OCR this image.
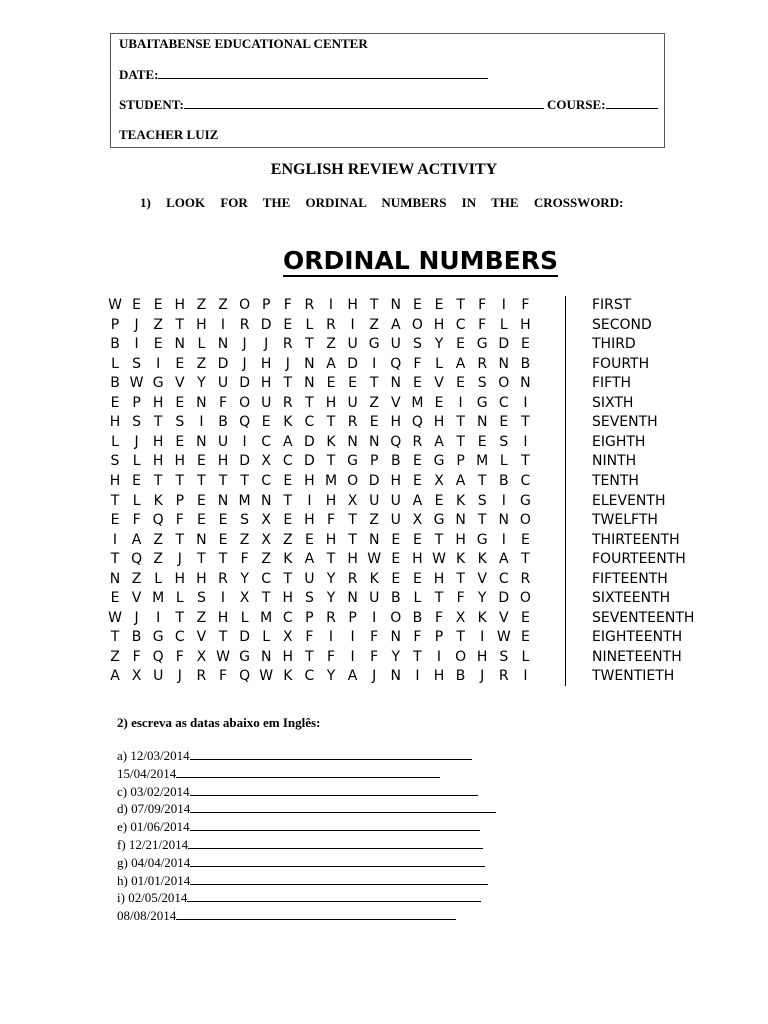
UBAITABENSE EDUCATIONAL CENTER
DATE:
STUDENT:	COURSE:
TEACHER LUIZ
ENGLISH REVIEW ACTIVITY
1) LOOK FOR THE ORDINAL NUMBERS IN THE CROSSWORD:
ORDINAL NUMBERS
W E E H Z Z O P F R	I	H T N E E T F	I	F
P	J	Z T H	I	R D E L R	I	Z A O H C F L H
B	I	E N L N	J	J	R T Z U G U S Y E G D E
L S	I	E Z D	J	H	J	N A D	I	Q F L A R N B
B W G V Y U D H T N E E T N E V E S O N
E P H E N F O U R T H U Z V M E	I	G C	I
H S T S	I	B Q E K C T R E H Q H T N E T
L	J	H E N U	I	C A D K N N Q R A T E S	I
S L H H E H D X C D T G P B E G P M L T
H E T T T T T C E H M O D H E X A T B C
T L K P E N M N T	I	H X U U A E K S	I	G
E F Q F E E S X E H F T Z U X G N T N O
I	A Z T N E Z X Z E H T N E E T H G	I	E
T Q Z	J	T T F Z K A T H W E H W K K A T
N Z L H H R Y C T U Y R K E E H T V C R
E V M L S	I	X T H S Y N U B L T F Y D O
W J	I	T Z H L M C P R P	I	O B F X K V E
T B G C V T D L X F	I	I	F N F P T	I W E
Z F Q F X W G N H T F	I	F Y T	I	O H S L
A X U	J	R F Q W K C Y A	J	N	I	H B	J	R	I
FIRST
SECOND
THIRD
FOURTH
FIFTH
SIXTH
SEVENTH
EIGHTH
NINTH
TENTH
ELEVENTH
TWELFTH
THIRTEENTH
FOURTEENTH
FIFTEENTH
SIXTEENTH
SEVENTEENTH
EIGHTEENTH
NINETEENTH
TWENTIETH
2) escreva as datas abaixo em Inglês:
a) 12/03/2014
15/04/2014
c) 03/02/2014
d) 07/09/2014
e) 01/06/2014
f) 12/21/2014
g) 04/04/2014
h) 01/01/2014
i) 02/05/2014
08/08/2014
